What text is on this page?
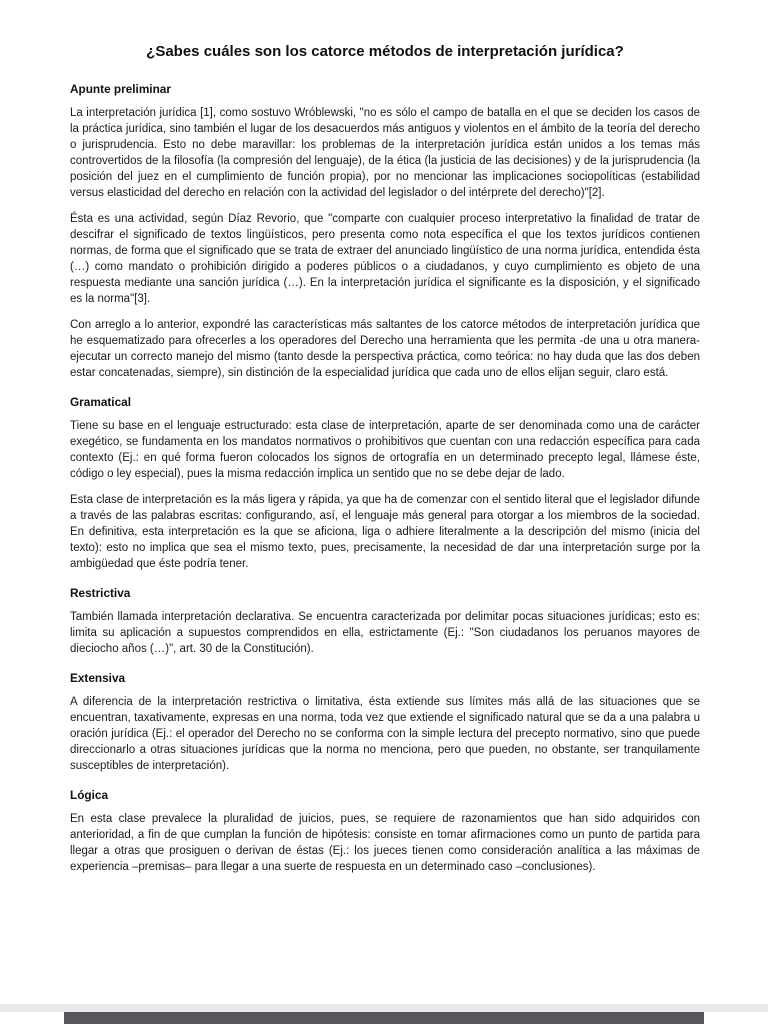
¿Sabes cuáles son los catorce métodos de interpretación jurídica?
Apunte preliminar

La interpretación jurídica [1], como sostuvo Wróblewski, "no es sólo el campo de batalla en el que se deciden los casos de la práctica jurídica, sino también el lugar de los desacuerdos más antiguos y violentos en el ámbito de la teoría del derecho o jurisprudencia. Esto no debe maravillar: los problemas de la interpretación jurídica están unidos a los temas más controvertidos de la filosofía (la compresión del lenguaje), de la ética (la justicia de las decisiones) y de la jurisprudencia (la posición del juez en el cumplimiento de función propia), por no mencionar las implicaciones sociopolíticas (estabilidad versus elasticidad del derecho en relación con la actividad del legislador o del intérprete del derecho)"[2].

Ésta es una actividad, según Díaz Revorio, que "comparte con cualquier proceso interpretativo la finalidad de tratar de descifrar el significado de textos lingüísticos, pero presenta como nota específica el que los textos jurídicos contienen normas, de forma que el significado que se trata de extraer del anunciado lingüístico de una norma jurídica, entendida ésta (…) como mandato o prohibición dirigido a poderes públicos o a ciudadanos, y cuyo cumplimiento es objeto de una respuesta mediante una sanción jurídica (…). En la interpretación jurídica el significante es la disposición, y el significado es la norma"[3].

Con arreglo a lo anterior, expondré las características más saltantes de los catorce métodos de interpretación jurídica que he esquematizado para ofrecerles a los operadores del Derecho una herramienta que les permita -de una u otra manera- ejecutar un correcto manejo del mismo (tanto desde la perspectiva práctica, como teórica: no hay duda que las dos deben estar concatenadas, siempre), sin distinción de la especialidad jurídica que cada uno de ellos elijan seguir, claro está.

Gramatical

Tiene su base en el lenguaje estructurado: esta clase de interpretación, aparte de ser denominada como una de carácter exegético, se fundamenta en los mandatos normativos o prohibitivos que cuentan con una redacción específica para cada contexto (Ej.: en qué forma fueron colocados los signos de ortografía en un determinado precepto legal, llámese éste, código o ley especial), pues la misma redacción implica un sentido que no se debe dejar de lado.

Esta clase de interpretación es la más ligera y rápida, ya que ha de comenzar con el sentido literal que el legislador difunde a través de las palabras escritas: configurando, así, el lenguaje más general para otorgar a los miembros de la sociedad. En definitiva, esta interpretación es la que se aficiona, liga o adhiere literalmente a la descripción del mismo (inicia del texto): esto no implica que sea el mismo texto, pues, precisamente, la necesidad de dar una interpretación surge por la ambigüedad que éste podría tener.

Restrictiva

También llamada interpretación declarativa. Se encuentra caracterizada por delimitar pocas situaciones jurídicas; esto es: limita su aplicación a supuestos comprendidos en ella, estrictamente (Ej.: "Son ciudadanos los peruanos mayores de dieciocho años (…)", art. 30 de la Constitución).

Extensiva

A diferencia de la interpretación restrictiva o limitativa, ésta extiende sus límites más allá de las situaciones que se encuentran, taxativamente, expresas en una norma, toda vez que extiende el significado natural que se da a una palabra u oración jurídica (Ej.: el operador del Derecho no se conforma con la simple lectura del precepto normativo, sino que puede direccionarlo a otras situaciones jurídicas que la norma no menciona, pero que pueden, no obstante, ser tranquilamente susceptibles de interpretación).

Lógica

En esta clase prevalece la pluralidad de juicios, pues, se requiere de razonamientos que han sido adquiridos con anterioridad, a fin de que cumplan la función de hipótesis: consiste en tomar afirmaciones como un punto de partida para llegar a otras que prosiguen o derivan de éstas (Ej.: los jueces tienen como consideración analítica a las máximas de experiencia –premisas– para llegar a una suerte de respuesta en un determinado caso –conclusiones).
